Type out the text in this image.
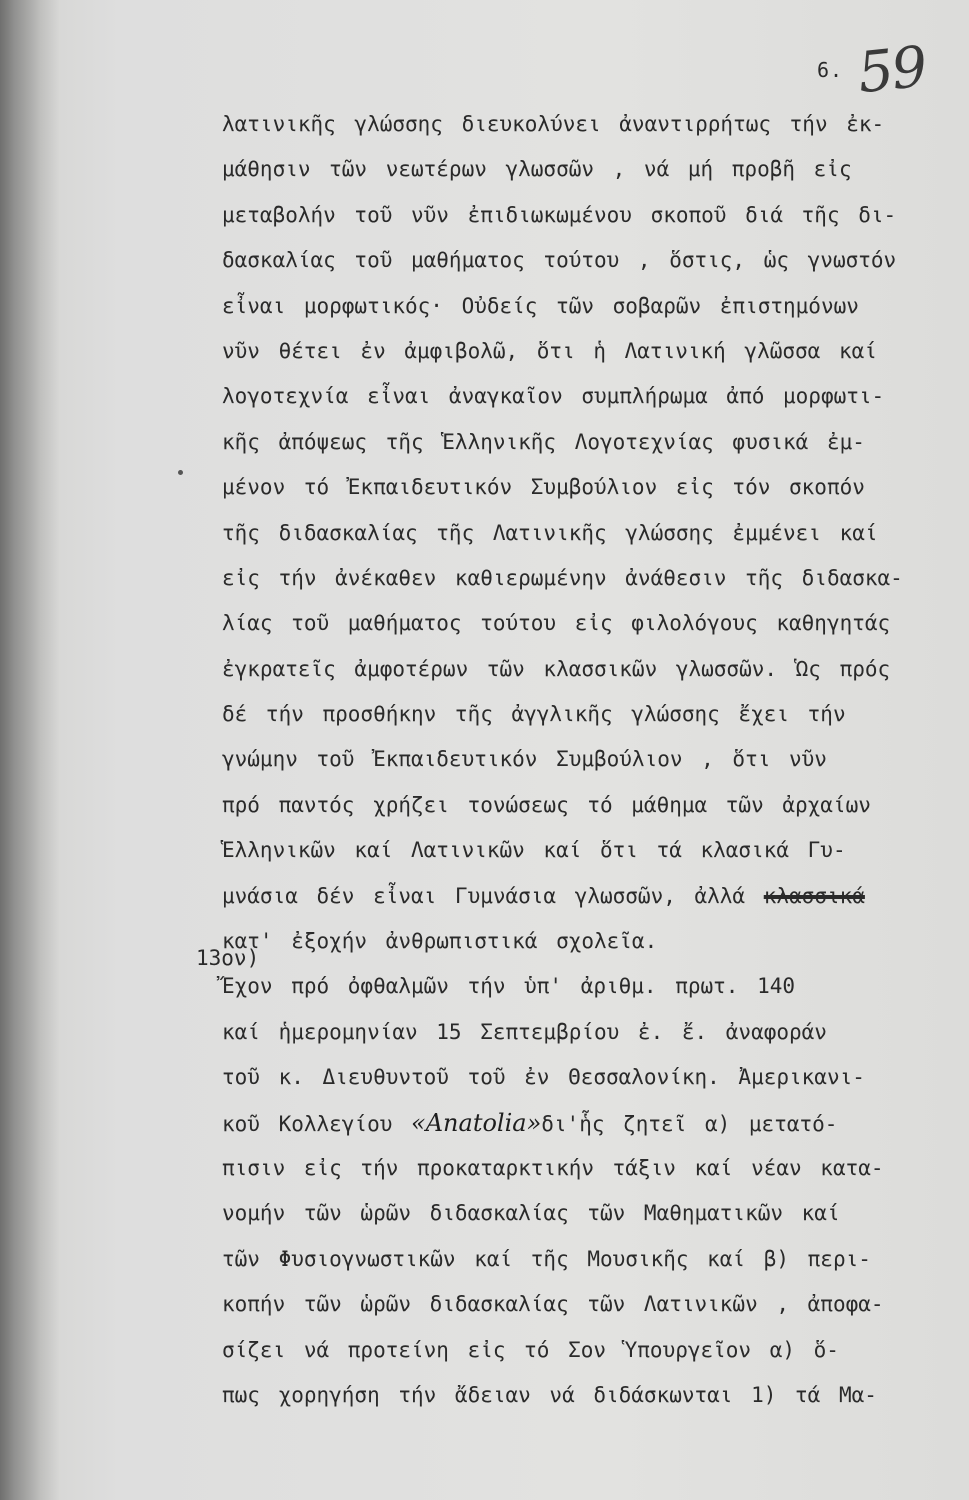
6. 59
13ον)
λατινικῆς γλώσσης διευκολύνει ἀναντιρρήτως τήν ἐκ-
μάθησιν τῶν νεωτέρων γλωσσῶν , νά μή προβῆ εἰς
μεταβολήν τοῦ νῦν ἐπιδιωκωμένου σκοποῦ διά τῆς δι-
δασκαλίας τοῦ μαθήματος τούτου , ὅστις, ὡς γνωστόν
εἶναι μορφωτικός· Οὐδείς τῶν σοβαρῶν ἐπιστημόνων
νῦν θέτει ἐν ἀμφιβολῶ, ὅτι ἡ Λατινική γλῶσσα καί
λογοτεχνία εἶναι ἀναγκαῖον συμπλήρωμα ἀπό μορφωτι-
κῆς ἀπόψεως τῆς Ἑλληνικῆς Λογοτεχνίας φυσικά ἐμ-
μένον τό Ἐκπαιδευτικόν Συμβούλιον εἰς τόν σκοπόν
τῆς διδασκαλίας τῆς Λατινικῆς γλώσσης ἐμμένει καί
εἰς τήν ἀνέκαθεν καθιερωμένην ἀνάθεσιν τῆς διδασκα-
λίας τοῦ μαθήματος τούτου εἰς φιλολόγους καθηγητάς
ἐγκρατεῖς ἀμφοτέρων τῶν κλασσικῶν γλωσσῶν. Ὡς πρός
δέ τήν προσθήκην τῆς ἀγγλικῆς γλώσσης ἔχει τήν
γνώμην τοῦ Ἐκπαιδευτικόν Συμβούλιον , ὅτι νῦν
πρό παντός χρήζει τονώσεως τό μάθημα τῶν ἀρχαίων
Ἑλληνικῶν καί Λατινικῶν καί ὅτι τά κλασικά Γυ-
μνάσια δέν εἶναι Γυμνάσια γλωσσῶν, ἀλλά κλασσικά
κατ' ἐξοχήν ἀνθρωπιστικά σχολεῖα.
Ἔχον πρό ὀφθαλμῶν τήν ὑπ' ἀριθμ. πρωτ. 140
καί ἡμερομηνίαν 15 Σεπτεμβρίου ἐ. ἔ. ἀναφοράν
τοῦ κ. Διευθυντοῦ τοῦ ἐν Θεσσαλονίκη. Ἀμερικανι-
κοῦ Κολλεγίου «Anatolia»δι'ἧς ζητεῖ α) μετατό-
πισιν εἰς τήν προκαταρκτικήν τάξιν καί νέαν κατα-
νομήν τῶν ὡρῶν διδασκαλίας τῶν Μαθηματικῶν καί
τῶν Φυσιογνωστικῶν καί τῆς Μουσικῆς καί β) περι-
κοπήν τῶν ὡρῶν διδασκαλίας τῶν Λατινικῶν , ἀποφα-
σίζει νά προτείνη εἰς τό Σον Ὑπουργεῖον α) ὅ-
πως χορηγήση τήν ἄδειαν νά διδάσκωνται 1) τά Μα-
